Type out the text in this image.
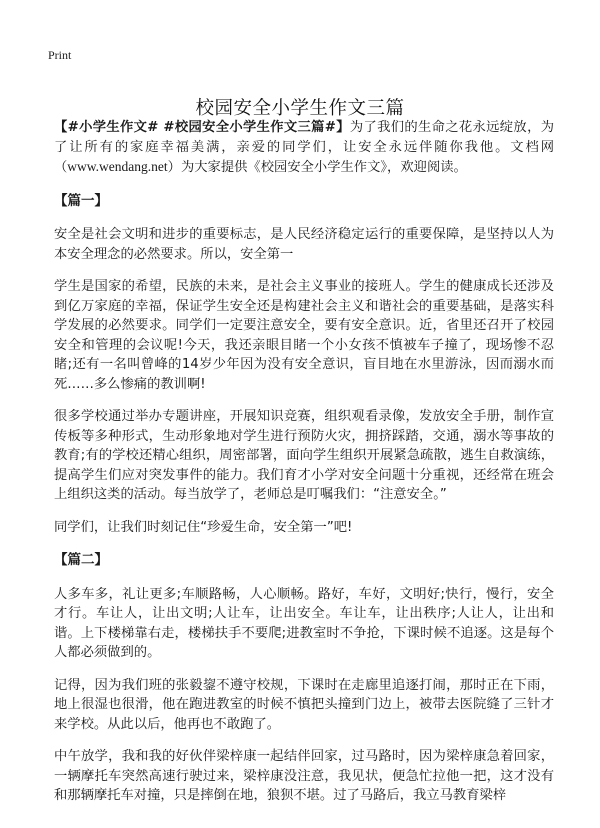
Print
校园安全小学生作文三篇

【#小学生作文# #校园安全小学生作文三篇#】为了我们的生命之花永远绽放，为了让所有的家庭幸福美满，亲爱的同学们，让安全永远伴随你我他。文档网（www.wendang.net）为大家提供《校园安全小学生作文》，欢迎阅读。

【篇一】

安全是社会文明和进步的重要标志，是人民经济稳定运行的重要保障，是坚持以人为本安全理念的必然要求。所以，安全第一

学生是国家的希望，民族的未来，是社会主义事业的接班人。学生的健康成长还涉及到亿万家庭的幸福，保证学生安全还是构建社会主义和谐社会的重要基础，是落实科学发展的必然要求。同学们一定要注意安全，要有安全意识。近，省里还召开了校园安全和管理的会议呢!今天，我还亲眼目睹一个小女孩不慎被车子撞了，现场惨不忍睹;还有一名叫曾峰的14岁少年因为没有安全意识，盲目地在水里游泳，因而溺水而死……多么惨痛的教训啊!

很多学校通过举办专题讲座，开展知识竞赛，组织观看录像，发放安全手册，制作宣传板等多种形式，生动形象地对学生进行预防火灾，拥挤踩踏，交通，溺水等事故的教育;有的学校还精心组织，周密部署，面向学生组织开展紧急疏散，逃生自救演练，提高学生们应对突发事件的能力。我们育才小学对安全问题十分重视，还经常在班会上组织这类的活动。每当放学了，老师总是叮嘱我们：“注意安全。”

同学们，让我们时刻记住“珍爱生命，安全第一”吧!

【篇二】

人多车多，礼让更多;车顺路畅，人心顺畅。路好，车好，文明好;快行，慢行，安全才行。车让人，让出文明;人让车，让出安全。车让车，让出秩序;人让人，让出和谐。上下楼梯靠右走，楼梯扶手不要爬;进教室时不争抢，下课时候不追逐。这是每个人都必须做到的。

记得，因为我们班的张毅鋆不遵守校规，下课时在走廊里追逐打闹，那时正在下雨，地上很湿也很滑，他在跑进教室的时候不慎把头撞到门边上，被带去医院缝了三针才来学校。从此以后，他再也不敢跑了。

中午放学，我和我的好伙伴梁梓康一起结伴回家，过马路时，因为梁梓康急着回家，一辆摩托车突然高速行驶过来，梁梓康没注意，我见状，便急忙拉他一把，这才没有和那辆摩托车对撞，只是摔倒在地，狼狈不堪。过了马路后，我立马教育梁梓
